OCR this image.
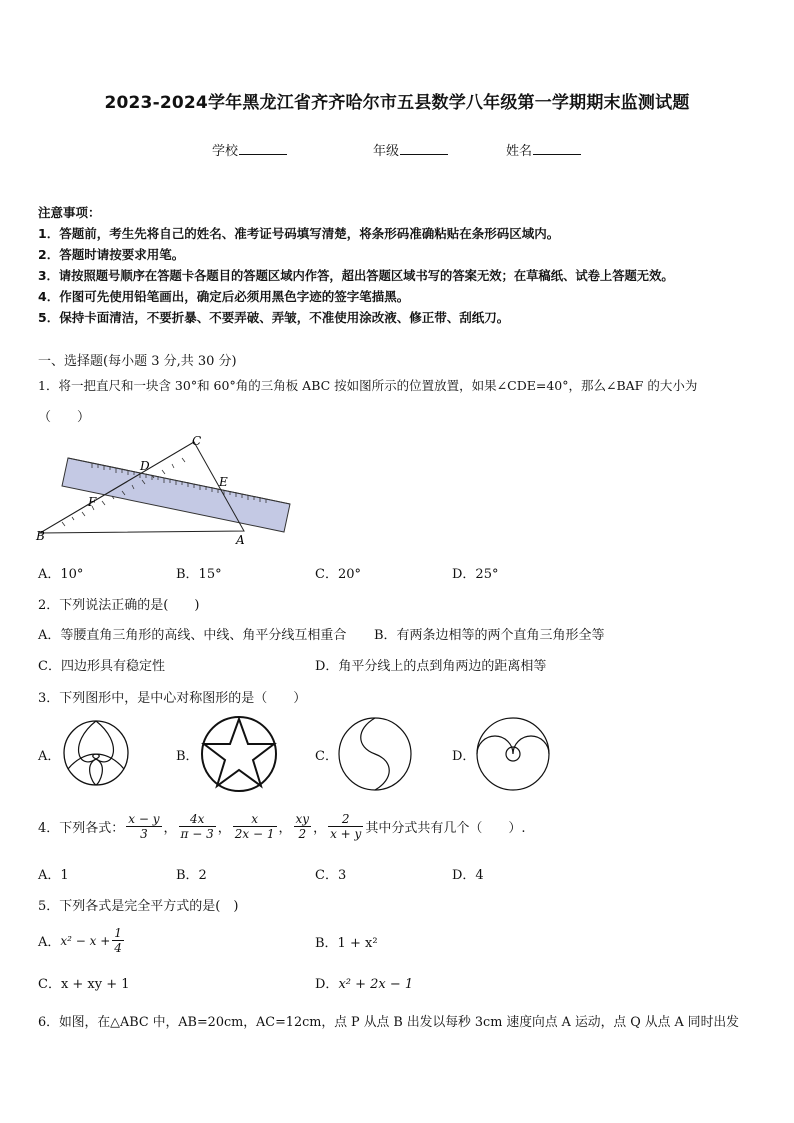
2023-2024学年黑龙江省齐齐哈尔市五县数学八年级第一学期期末监测试题
学校	年级	姓名
注意事项：
1．答题前，考生先将自己的姓名、准考证号码填写清楚，将条形码准确粘贴在条形码区域内。
2．答题时请按要求用笔。
3．请按照题号顺序在答题卡各题目的答题区域内作答，超出答题区域书写的答案无效；在草稿纸、试卷上答题无效。
4．作图可先使用铅笔画出，确定后必须用黑色字迹的签字笔描黑。
5．保持卡面清洁，不要折暴、不要弄破、弄皱，不准使用涂改液、修正带、刮纸刀。
一、选择题(每小题 3 分,共 30 分)
1．将一把直尺和一块含 30°和 60°角的三角板 ABC 按如图所示的位置放置，如果∠CDE=40°，那么∠BAF 的大小为
（　　）
C
D
E
F
B	A
A．10°	B．15°	C．20°	D．25°
2．下列说法正确的是(　　)
A．等腰直角三角形的高线、中线、角平分线互相重合 B．有两条边相等的两个直角三角形全等
C．四边形具有稳定性	D．角平分线上的点到角两边的距离相等
3．下列图形中，是中心对称图形的是（　　）
A．	B．	C．	D．
4．下列各式： $\frac{x - y}{3}$ ， $\frac{4x}{\pi - 3}$ ， $\frac{x}{2x - 1}$ ， $\frac{xy}{2}$ ， $\frac{2}{x + y}$ 其中分式共有几个（　　）.
A．1	B．2	C．3	D．4
5．下列各式是完全平方式的是(　)
A． $x^2 - x + \frac{1}{4}$	B．1 + x²
C．x + xy + 1	D．x² + 2x − 1
6．如图，在△ABC 中，AB=20cm，AC=12cm，点 P 从点 B 出发以每秒 3cm 速度向点 A 运动，点 Q 从点 A 同时出发
